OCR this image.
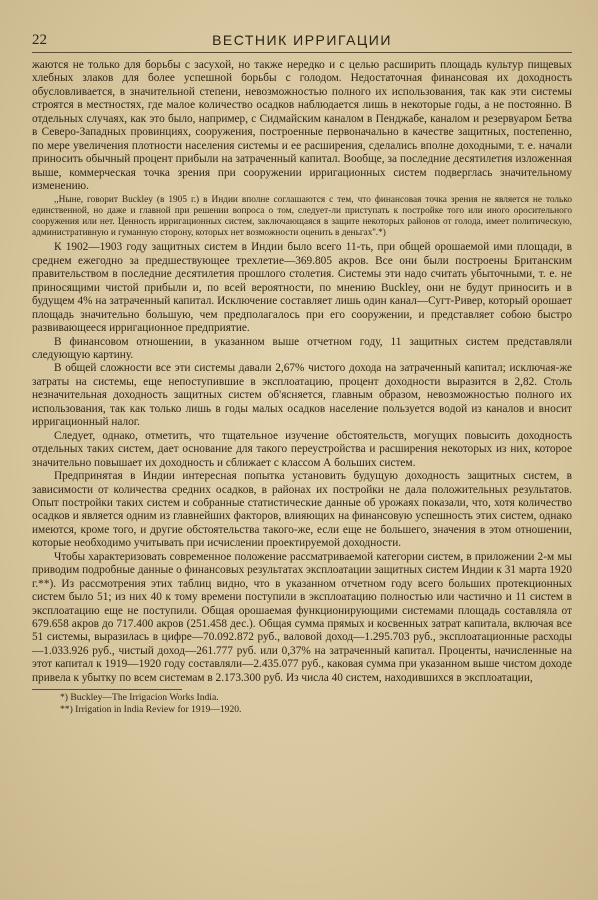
22	ВЕСТНИК ИРРИГАЦИИ

жаются не только для борьбы с засухой, но также нередко и с целью расширить площадь культур пищевых хлебных злаков для более успешной борьбы с голодом. Недостаточная финансовая их доходность обусловливается, в значительной степени, невозможностью полного их использования, так как эти системы строятся в местностях, где малое количество осадков наблюдается лишь в некоторые годы, а не постоянно. В отдельных случаях, как это было, например, с Сидмайским каналом в Пенджабе, каналом и резервуаром Бетва в Северо-Западных провинциях, сооружения, построенные первоначально в качестве защитных, постепенно, по мере увеличения плотности населения системы и ее расширения, сделались вполне доходными, т. е. начали приносить обычный процент прибыли на затраченный капитал. Вообще, за последние десятилетия изложенная выше, коммерческая точка зрения при сооружении ирригационных систем подверглась значительному изменению.

,,Ныне, говорит Buckley (в 1905 г.) в Индии вполне соглашаются с тем, что финансовая точка зрения не является не только единственной, но даже и главной при решении вопроса о том, следует-ли приступать к постройке того или иного оросительного сооружения или нет. Ценность ирригационных систем, заключающаяся в защите некоторых районов от голода, имеет политическую, административную и гуманную сторону, которых нет возможности оценить в деньгах''.*)

К 1902—1903 году защитных систем в Индии было всего 11-ть, при общей орошаемой ими площади, в среднем ежегодно за предшествующее трехлетие—369.805 акров. Все они были построены Британским правительством в последние десятилетия прошлого столетия. Системы эти надо считать убыточными, т. е. не приносящими чистой прибыли и, по всей вероятности, по мнению Buckley, они не будут приносить и в будущем 4% на затраченный капитал. Исключение составляет лишь один канал—Сугт-Ривер, который орошает площадь значительно большую, чем предполагалось при его сооружении, и представляет собою быстро развивающееся ирригационное предприятие.

В финансовом отношении, в указанном выше отчетном году, 11 защитных систем представляли следующую картину.

В общей сложности все эти системы давали 2,67% чистого дохода на затраченный капитал; исключая-же затраты на системы, еще непоступившие в эксплоатацию, процент доходности выразится в 2,82. Столь незначительная доходность защитных систем об'ясняется, главным образом, невозможностью полного их использования, так как только лишь в годы малых осадков население пользуется водой из каналов и вносит ирригационный налог.

Следует, однако, отметить, что тщательное изучение обстоятельств, могущих повысить доходность отдельных таких систем, дает основание для такого переустройства и расширения некоторых из них, которое значительно повышает их доходность и сближает с классом А больших систем.

Предпринятая в Индии интересная попытка установить будущую доходность защитных систем, в зависимости от количества средних осадков, в районах их постройки не дала положительных результатов. Опыт постройки таких систем и собранные статистические данные об урожаях показали, что, хотя количество осадков и является одним из главнейших факторов, влияющих на финансовую успешность этих систем, однако имеются, кроме того, и другие обстоятельства такого-же, если еще не большего, значения в этом отношении, которые необходимо учитывать при исчислении проектируемой доходности.

Чтобы характеризовать современное положение рассматриваемой категории систем, в приложении 2-м мы приводим подробные данные о финансовых результатах эксплоатации защитных систем Индии к 31 марта 1920 г.**). Из рассмотрения этих таблиц видно, что в указанном отчетном году всего больших протекционных систем было 51; из них 40 к тому времени поступили в эксплоатацию полностью или частично и 11 систем в эксплоатацию еще не поступили. Общая орошаемая функционирующими системами площадь составляла от 679.658 акров до 717.400 акров (251.458 дес.). Общая сумма прямых и косвенных затрат капитала, включая все 51 системы, выразилась в цифре—70.092.872 руб., валовой доход—1.295.703 руб., эксплоатационные расходы—1.033.926 руб., чистый доход—261.777 руб. или 0,37% на затраченный капитал. Проценты, начисленные на этот капитал к 1919—1920 году составляли—2.435.077 руб., каковая сумма при указанном выше чистом доходе привела к убытку по всем системам в 2.173.300 руб. Из числа 40 систем, находившихся в эксплоатации,

*) Buckley—The Irrigacion Works India.
**) Irrigation in India Review for 1919—1920.
